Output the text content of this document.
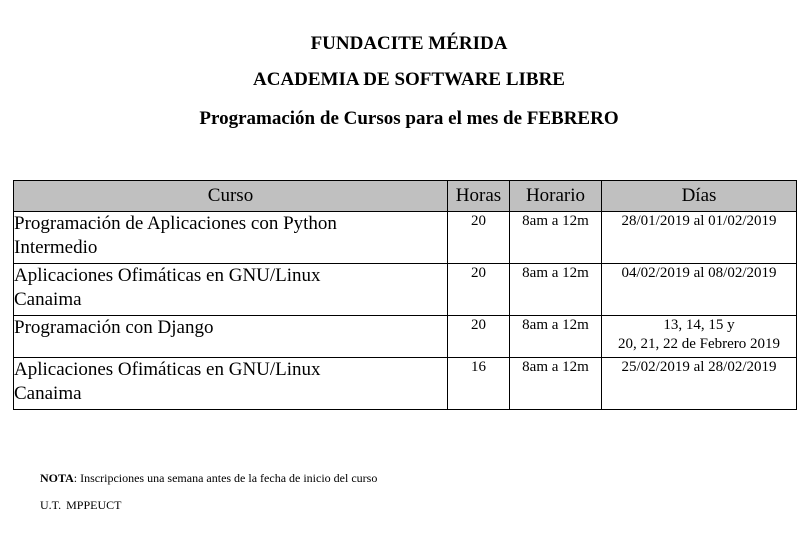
FUNDACITE MÉRIDA
ACADEMIA DE SOFTWARE LIBRE
Programación de Cursos para el mes de FEBRERO
Curso	Horas	Horario	Días

Programación de Aplicaciones con Python
Intermedio	20	8am a 12m	28/01/2019 al 01/02/2019

Aplicaciones Ofimáticas en GNU/Linux
Canaima	20	8am a 12m	04/02/2019 al 08/02/2019

Programación con Django	20	8am a 12m	13, 14, 15 y
20, 21, 22 de Febrero 2019

Aplicaciones Ofimáticas en GNU/Linux
Canaima	16	8am a 12m	25/02/2019 al 28/02/2019
NOTA: Inscripciones una semana antes de la fecha de inicio del curso
U.T. MPPEUCT
